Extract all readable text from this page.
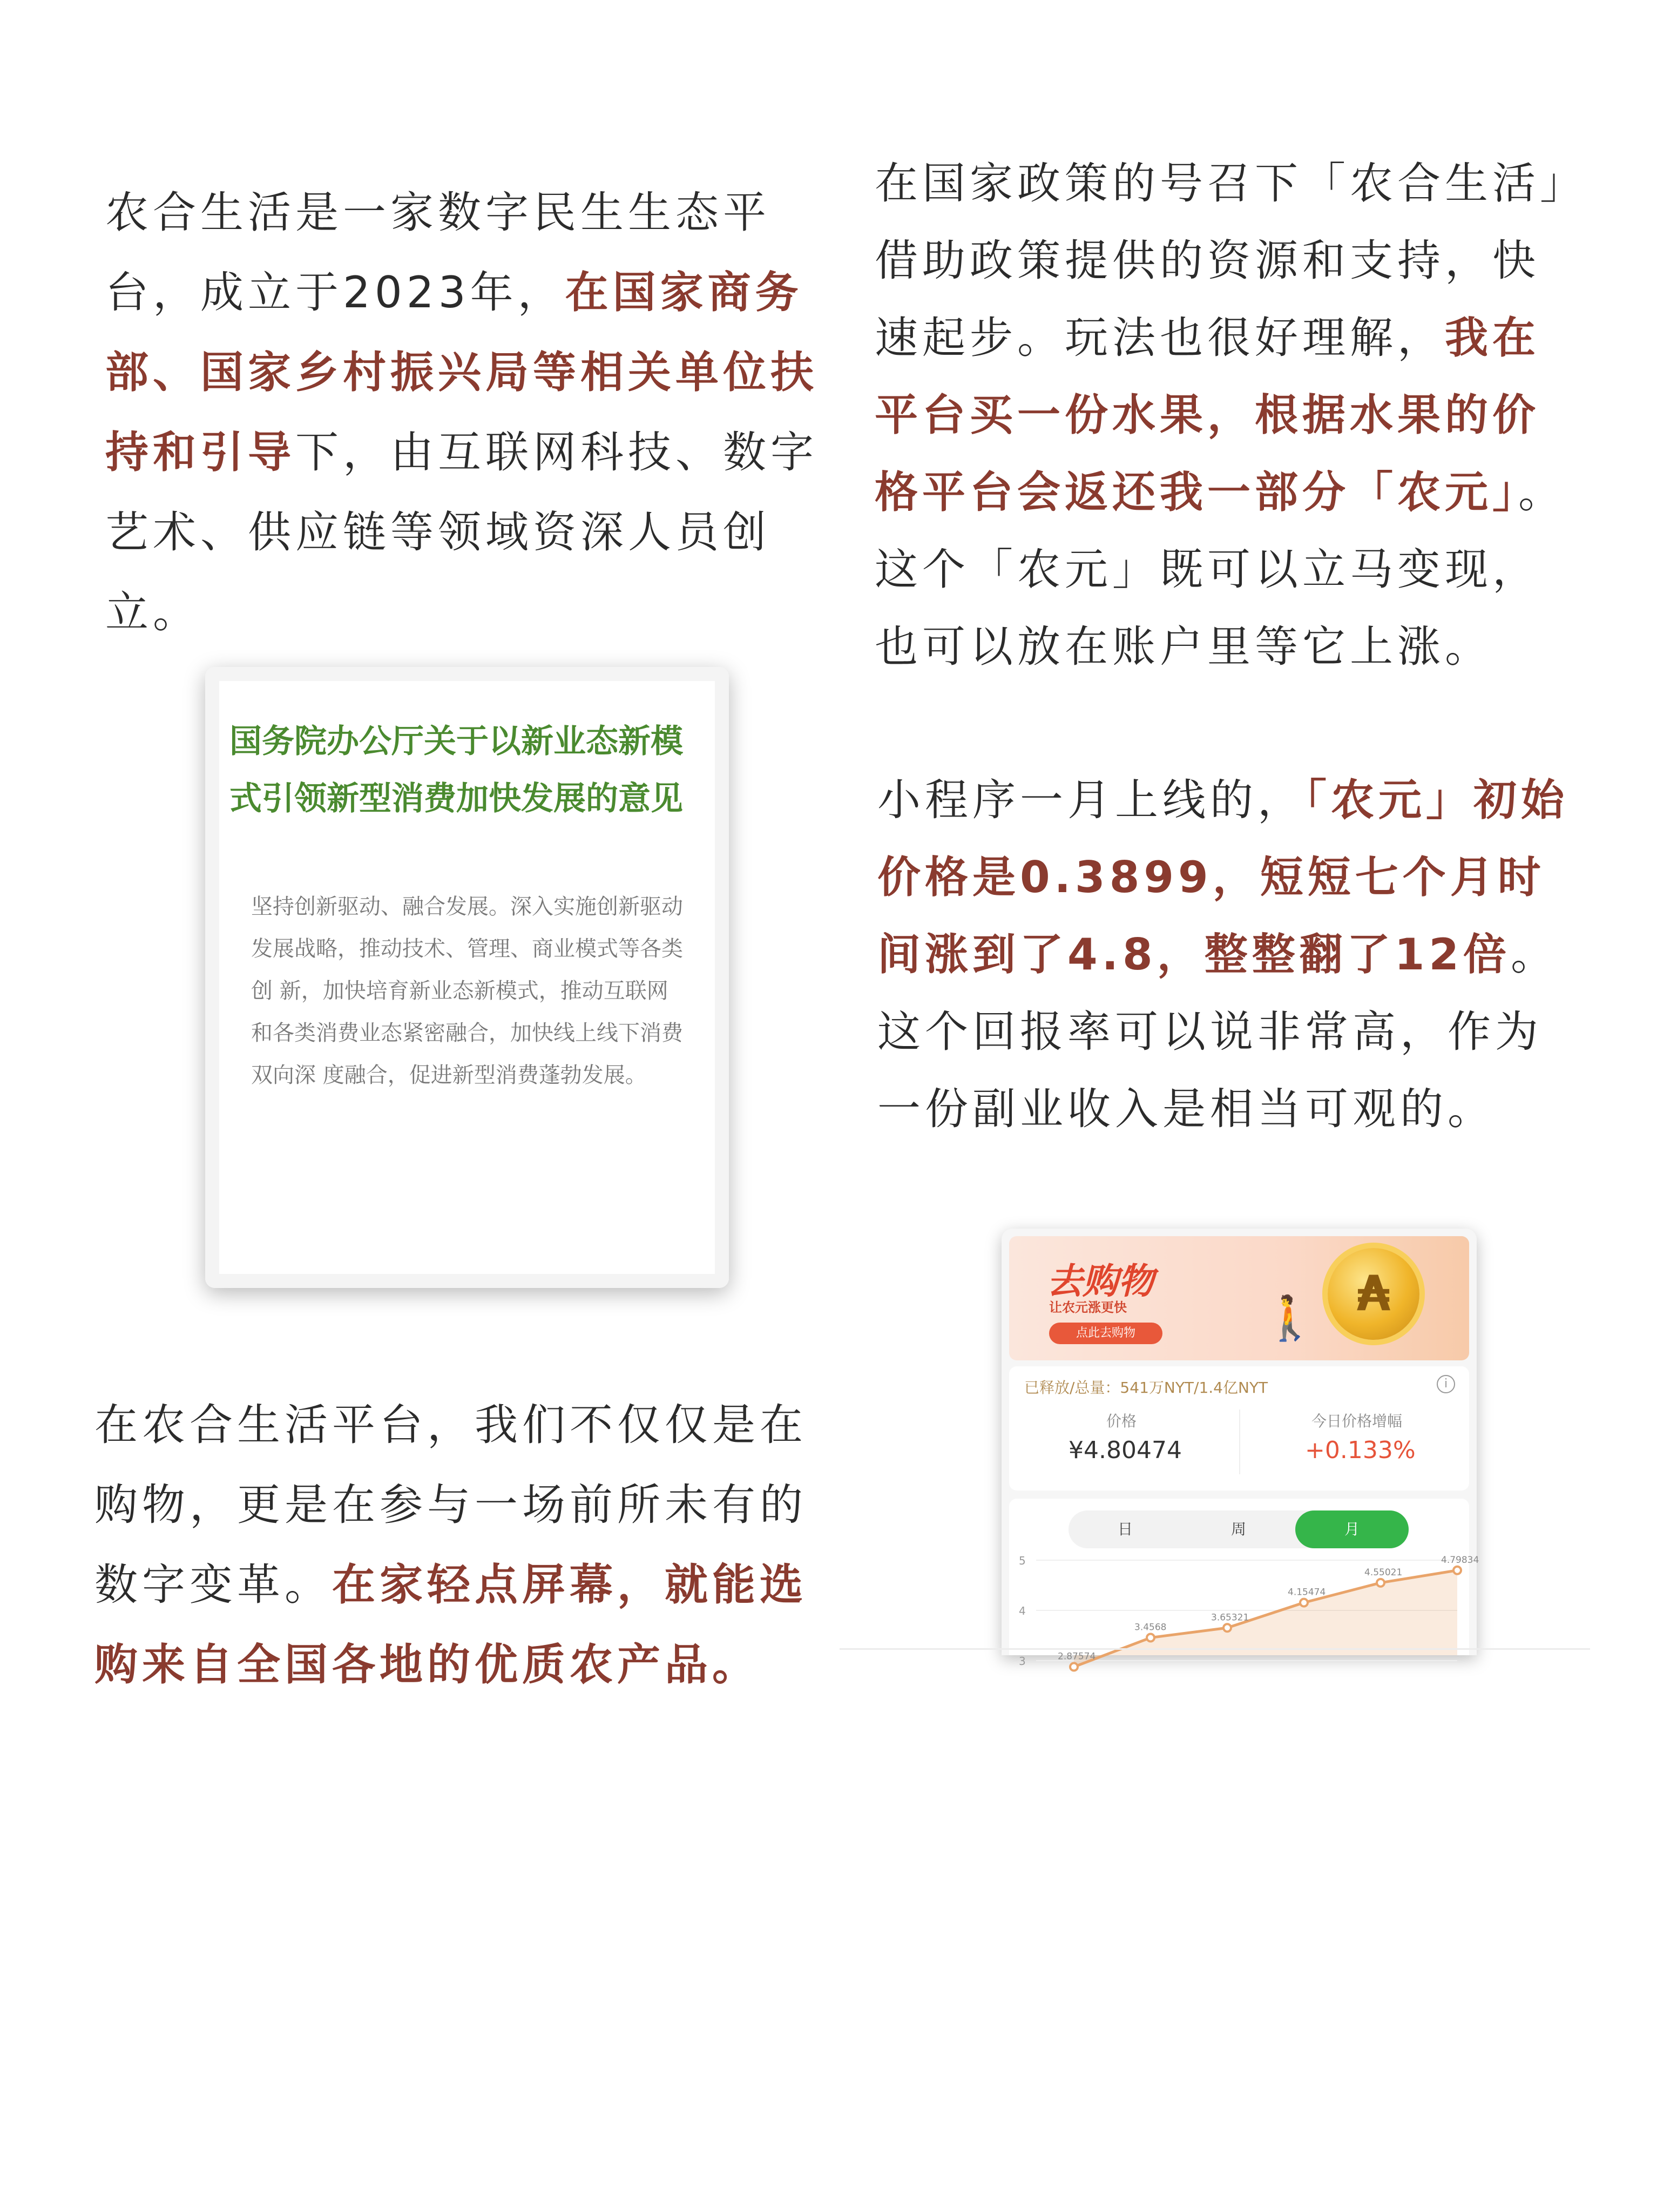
农合生活是一家数字民生生态平台，成立于2023年，在国家商务部、国家乡村振兴局等相关单位扶持和引导下，由互联网科技、数字艺术、供应链等领域资深人员创立。

国务院办公厅关于以新业态新模式引领新型消费加快发展的意见

坚持创新驱动、融合发展。深入实施创新驱动发展战略，推动技术、管理、商业模式等各类创 新，加快培育新业态新模式，推动互联网和各类消费业态紧密融合，加快线上线下消费双向深 度融合，促进新型消费蓬勃发展。

在农合生活平台，我们不仅仅是在购物，更是在参与一场前所未有的数字变革。在家轻点屏幕，就能选购来自全国各地的优质农产品。

在国家政策的号召下「农合生活」借助政策提供的资源和支持，快速起步。玩法也很好理解，我在平台买一份水果，根据水果的价格平台会返还我一部分「农元」。这个「农元」既可以立马变现，也可以放在账户里等它上涨。

小程序一月上线的，「农元」初始价格是0.3899，短短七个月时间涨到了4.8，整整翻了12倍。这个回报率可以说非常高，作为一份副业收入是相当可观的。

去购物
让农元涨更快
点此去购物	🚶 ₳
已释放/总量：541万NYT/1.4亿NYT	i
价格
¥4.80474
今日价格增幅
+0.133%
日	周	月
5
4
3	2.87574
3.4568
3.65321
4.15474
4.55021
4.79834
